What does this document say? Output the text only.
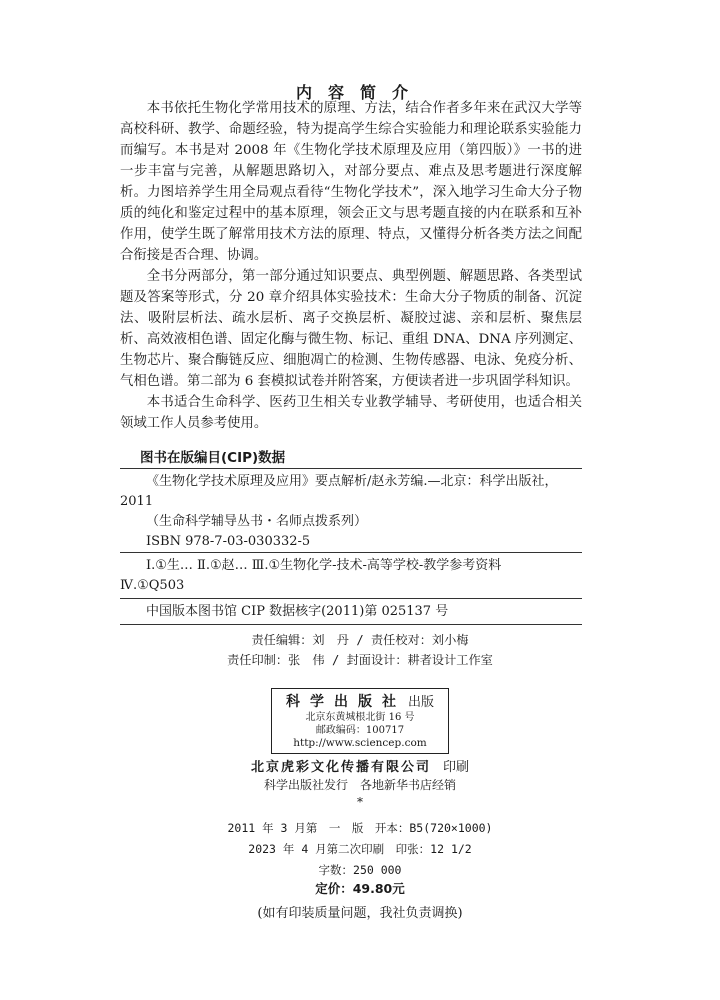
内容简介

本书依托生物化学常用技术的原理、方法，结合作者多年来在武汉大学等高校科研、教学、命题经验，特为提高学生综合实验能力和理论联系实验能力而编写。本书是对 2008 年《生物化学技术原理及应用（第四版）》一书的进一步丰富与完善，从解题思路切入，对部分要点、难点及思考题进行深度解析。力图培养学生用全局观点看待“生物化学技术”，深入地学习生命大分子物质的纯化和鉴定过程中的基本原理，领会正文与思考题直接的内在联系和互补作用，使学生既了解常用技术方法的原理、特点，又懂得分析各类方法之间配合衔接是否合理、协调。

全书分两部分，第一部分通过知识要点、典型例题、解题思路、各类型试题及答案等形式，分 20 章介绍具体实验技术：生命大分子物质的制备、沉淀法、吸附层析法、疏水层析、离子交换层析、凝胶过滤、亲和层析、聚焦层析、高效液相色谱、固定化酶与微生物、标记、重组 DNA、DNA 序列测定、生物芯片、聚合酶链反应、细胞凋亡的检测、生物传感器、电泳、免疫分析、气相色谱。第二部为 6 套模拟试卷并附答案，方便读者进一步巩固学科知识。

本书适合生命科学、医药卫生相关专业教学辅导、考研使用，也适合相关领域工作人员参考使用。

图书在版编目(CIP)数据
《生物化学技术原理及应用》要点解析/赵永芳编.—北京：科学出版社，
2011
（生命科学辅导丛书・名师点拨系列）
ISBN 978-7-03-030332-5
Ⅰ.①生… Ⅱ.①赵… Ⅲ.①生物化学-技术-高等学校-教学参考资料
Ⅳ.①Q503
中国版本图书馆 CIP 数据核字(2011)第 025137 号
责任编辑：刘　丹 / 责任校对：刘小梅
责任印制：张　伟 / 封面设计：耕者设计工作室
科学出版社 出版
北京东黄城根北街 16 号
邮政编码：100717
http://www.sciencep.com
北京虎彩文化传播有限公司 印刷
科学出版社发行　各地新华书店经销
*
2011 年 3 月第　一　版　开本：B5(720×1000)
2023 年 4 月第二次印刷　印张：12 1/2
字数：250 000
定价：49.80元
(如有印装质量问题，我社负责调换)
